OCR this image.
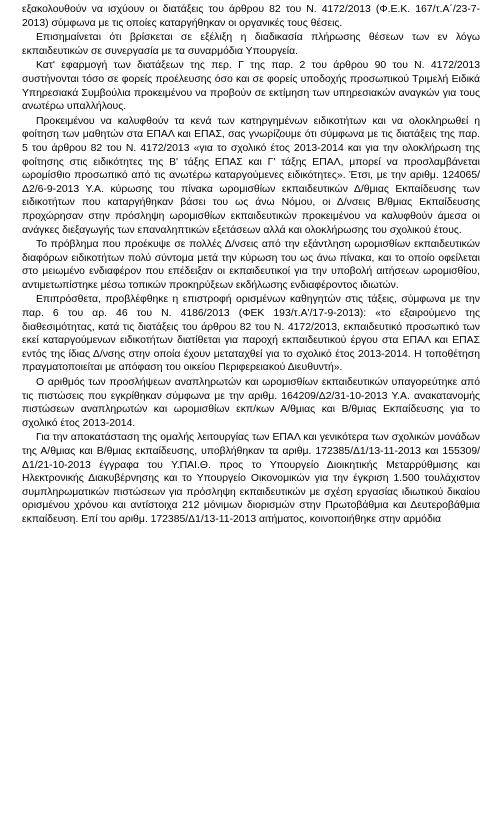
εξακολουθούν να ισχύουν οι διατάξεις του άρθρου 82 του Ν. 4172/2013 (Φ.Ε.Κ. 167/τ.Α΄/23-7-2013) σύμφωνα με τις οποίες καταργήθηκαν οι οργανικές τους θέσεις.

Επισημαίνεται ότι βρίσκεται σε εξέλιξη η διαδικασία πλήρωσης θέσεων των εν λόγω εκπαιδευτικών σε συνεργασία με τα συναρμόδια Υπουργεία.

Κατ' εφαρμογή των διατάξεων της περ. Γ της παρ. 2 του άρθρου 90 του Ν. 4172/2013 συστήνονται τόσο σε φορείς προέλευσης όσο και σε φορείς υποδοχής προσωπικού Τριμελή Ειδικά Υπηρεσιακά Συμβούλια προκειμένου να προβούν σε εκτίμηση των υπηρεσιακών αναγκών για τους ανωτέρω υπαλλήλους.

Προκειμένου να καλυφθούν τα κενά των κατηργημένων ειδικοτήτων και να ολοκληρωθεί η φοίτηση των μαθητών στα ΕΠΑΛ και ΕΠΑΣ, σας γνωρίζουμε ότι σύμφωνα με τις διατάξεις της παρ. 5 του άρθρου 82 του Ν. 4172/2013 «για το σχολικό έτος 2013-2014 και για την ολοκλήρωση της φοίτησης στις ειδικότητες της Β' τάξης ΕΠΑΣ και Γ' τάξης ΕΠΑΛ, μπορεί να προσλαμβάνεται ωρομίσθιο προσωπικό από τις ανωτέρω καταργούμενες ειδικότητες». Έτσι, με την αριθμ. 124065/Δ2/6-9-2013 Υ.Α. κύρωσης του πίνακα ωρομισθίων εκπαιδευτικών Δ/θμιας Εκπαίδευσης των ειδικοτήτων που καταργήθηκαν βάσει του ως άνω Νόμου, οι Δ/νσεις Β/θμιας Εκπαίδευσης προχώρησαν στην πρόσληψη ωρομισθίων εκπαιδευτικών προκειμένου να καλυφθούν άμεσα οι ανάγκες διεξαγωγής των επαναληπτικών εξετάσεων αλλά και ολοκλήρωσης του σχολικού έτους.

Το πρόβλημα που προέκυψε σε πολλές Δ/νσεις από την εξάντληση ωρομισθίων εκπαιδευτικών διαφόρων ειδικοτήτων πολύ σύντομα μετά την κύρωση του ως άνω πίνακα, και το οποίο οφείλεται στο μειωμένο ενδιαφέρον που επέδειξαν οι εκπαιδευτικοί για την υποβολή αιτήσεων ωρομισθίου, αντιμετωπίστηκε μέσω τοπικών προκηρύξεων εκδήλωσης ενδιαφέροντος ιδιωτών.

Επιπρόσθετα, προβλέφθηκε η επιστροφή ορισμένων καθηγητών στις τάξεις, σύμφωνα με την παρ. 6 του αρ. 46 του Ν. 4186/2013 (ΦΕΚ 193/τ.Α'/17-9-2013): «το εξαιρούμενο της διαθεσιμότητας, κατά τις διατάξεις του άρθρου 82 του Ν. 4172/2013, εκπαιδευτικό προσωπικό των εκεί καταργούμενων ειδικοτήτων διατίθεται για παροχή εκπαιδευτικού έργου στα ΕΠΑΛ και ΕΠΑΣ εντός της ίδιας Δ/νσης στην οποία έχουν μεταταχθεί για το σχολικό έτος 2013-2014. Η τοποθέτηση πραγματοποιείται με απόφαση του οικείου Περιφερειακού Διευθυντή».

Ο αριθμός των προσλήψεων αναπληρωτών και ωρομισθίων εκπαιδευτικών υπαγορεύτηκε από τις πιστώσεις που εγκρίθηκαν σύμφωνα με την αριθμ. 164209/Δ2/31-10-2013 Υ.Α. ανακατανομής πιστώσεων αναπληρωτών και ωρομισθίων εκπ/κων Α/θμιας και Β/θμιας Εκπαίδευσης για το σχολικό έτος 2013-2014.

Για την αποκατάσταση της ομαλής λειτουργίας των ΕΠΑΛ και γενικότερα των σχολικών μονάδων της Α/θμιας και Β/θμιας εκπαίδευσης, υποβλήθηκαν τα αριθμ. 172385/Δ1/13-11-2013 και 155309/Δ1/21-10-2013 έγγραφα του Υ.ΠΑΙ.Θ. προς το Υπουργείο Διοικητικής Μεταρρύθμισης και Ηλεκτρονικής Διακυβέρνησης και το Υπουργείο Οικονομικών για την έγκριση 1.500 τουλάχιστον συμπληρωματικών πιστώσεων για πρόσληψη εκπαιδευτικών με σχέση εργασίας ιδιωτικού δικαίου ορισμένου χρόνου και αντίστοιχα 212 μόνιμων διορισμών στην Πρωτοβάθμια και Δευτεροβάθμια εκπαίδευση. Επί του αριθμ. 172385/Δ1/13-11-2013 αιτήματος, κοινοποιήθηκε στην αρμόδια
